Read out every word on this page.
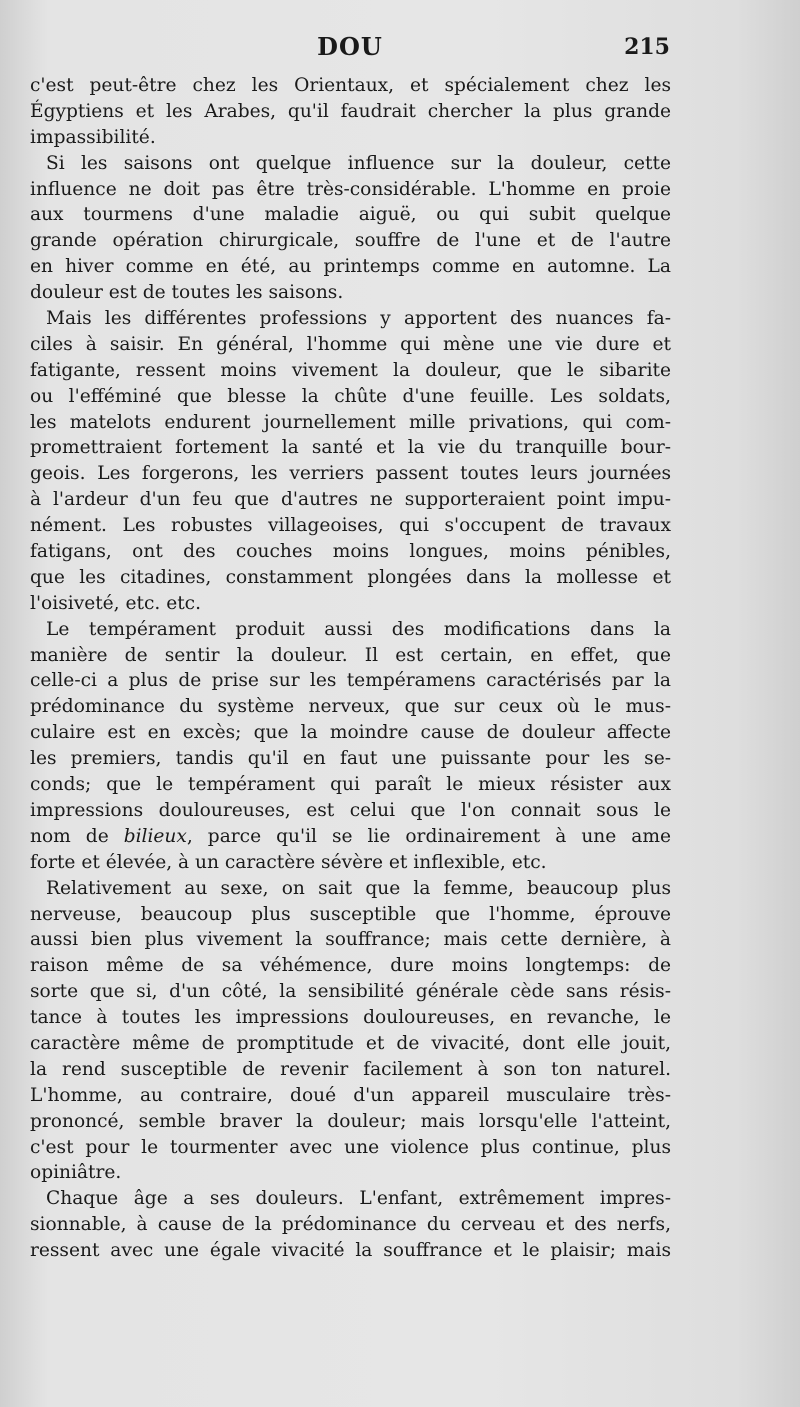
DOU	215
c'est peut-être chez les Orientaux, et spécialement chez les
Égyptiens et les Arabes, qu'il faudrait chercher la plus grande
impassibilité.
Si les saisons ont quelque influence sur la douleur, cette
influence ne doit pas être très-considérable. L'homme en proie
aux tourmens d'une maladie aiguë, ou qui subit quelque
grande opération chirurgicale, souffre de l'une et de l'autre
en hiver comme en été, au printemps comme en automne. La
douleur est de toutes les saisons.
Mais les différentes professions y apportent des nuances fa-
ciles à saisir. En général, l'homme qui mène une vie dure et
fatigante, ressent moins vivement la douleur, que le sibarite
ou l'efféminé que blesse la chûte d'une feuille. Les soldats,
les matelots endurent journellement mille privations, qui com-
promettraient fortement la santé et la vie du tranquille bour-
geois. Les forgerons, les verriers passent toutes leurs journées
à l'ardeur d'un feu que d'autres ne supporteraient point impu-
nément. Les robustes villageoises, qui s'occupent de travaux
fatigans, ont des couches moins longues, moins pénibles,
que les citadines, constamment plongées dans la mollesse et
l'oisiveté, etc. etc.
Le tempérament produit aussi des modifications dans la
manière de sentir la douleur. Il est certain, en effet, que
celle-ci a plus de prise sur les tempéramens caractérisés par la
prédominance du système nerveux, que sur ceux où le mus-
culaire est en excès; que la moindre cause de douleur affecte
les premiers, tandis qu'il en faut une puissante pour les se-
conds; que le tempérament qui paraît le mieux résister aux
impressions douloureuses, est celui que l'on connait sous le
nom de bilieux, parce qu'il se lie ordinairement à une ame
forte et élevée, à un caractère sévère et inflexible, etc.
Relativement au sexe, on sait que la femme, beaucoup plus
nerveuse, beaucoup plus susceptible que l'homme, éprouve
aussi bien plus vivement la souffrance; mais cette dernière, à
raison même de sa véhémence, dure moins longtemps: de
sorte que si, d'un côté, la sensibilité générale cède sans résis-
tance à toutes les impressions douloureuses, en revanche, le
caractère même de promptitude et de vivacité, dont elle jouit,
la rend susceptible de revenir facilement à son ton naturel.
L'homme, au contraire, doué d'un appareil musculaire très-
prononcé, semble braver la douleur; mais lorsqu'elle l'atteint,
c'est pour le tourmenter avec une violence plus continue, plus
opiniâtre.
Chaque âge a ses douleurs. L'enfant, extrêmement impres-
sionnable, à cause de la prédominance du cerveau et des nerfs,
ressent avec une égale vivacité la souffrance et le plaisir; mais
